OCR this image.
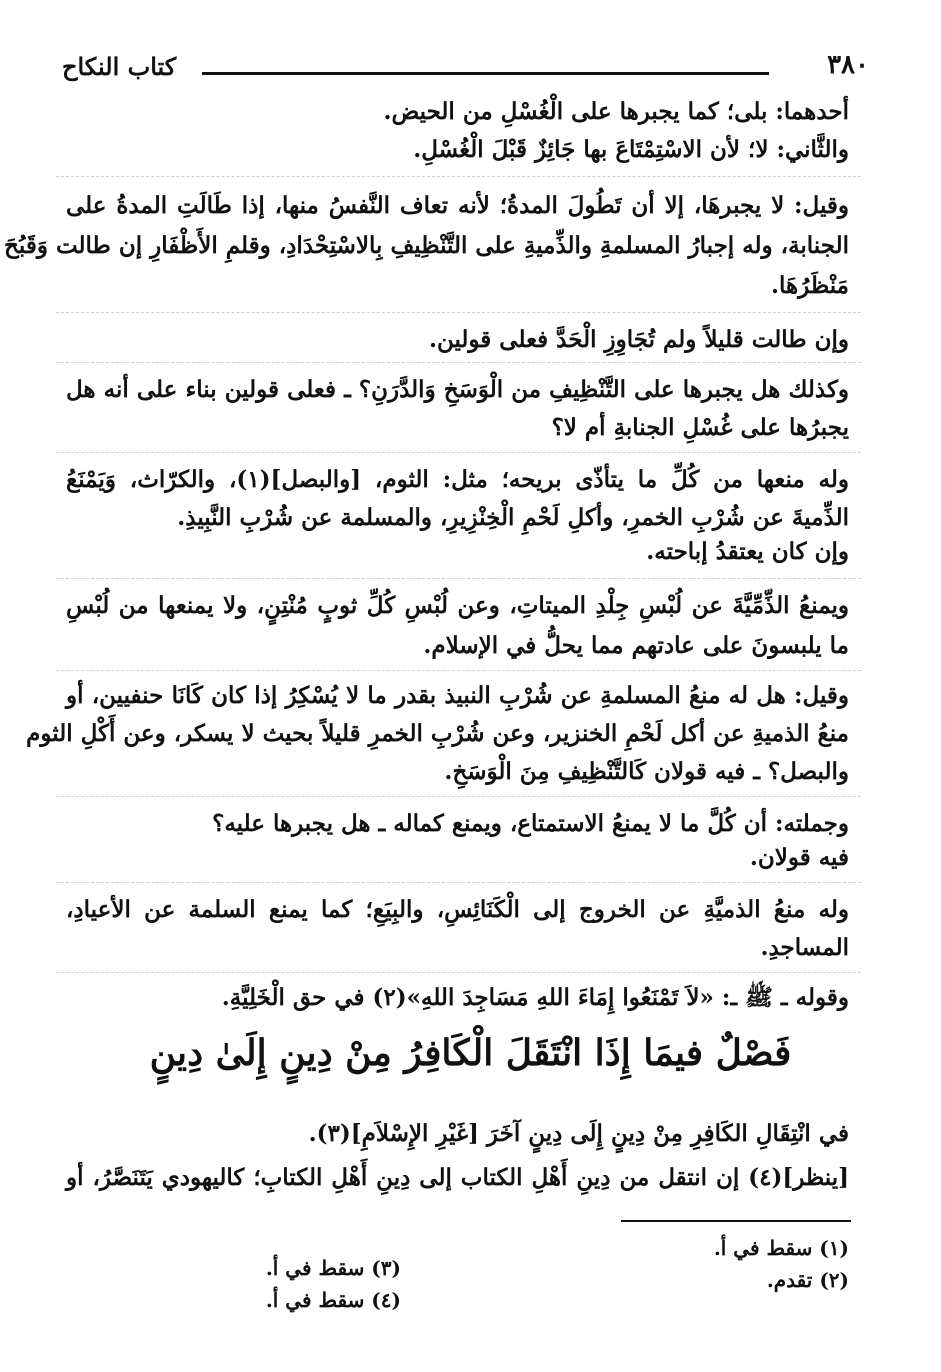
٣٨٠
كتاب النكاح
أحدهما: بلى؛ كما يجبرها على الْغُسْلِ من الحيض.
والثَّاني: لا؛ لأن الاسْتِمْتَاعَ بها جَائِزٌ قَبْلَ الْغُسْلِ.
وقيل: لا يجبرهَا، إلا أن تَطُولَ المدةُ؛ لأنه تعاف النَّفسُ منها، إذا طَالَتِ المدةُ على
الجنابة، وله إجبارُ المسلمةِ والذِّميةِ على التَّنْظِيفِ بِالاسْتِحْدَادِ، وقلمِ الأَظْفَارِ إن طالت وَقَبُحَ
مَنْظَرُهَا.
وإن طالت قليلاً ولم تُجَاوِزِ الْحَدَّ فعلى قولين.
وكذلك هل يجبرها على التَّنْظِيفِ من الْوَسَخِ وَالدَّرَنِ؟ ـ فعلى قولين بناء على أنه هل
يجبرُها على غُسْلِ الجنابةِ أم لا؟
وله منعها من كُلِّ ما يتأذّى بريحه؛ مثل: الثوم، [والبصل](١)، والكرّاث، وَيَمْنَعُ
الذِّميةَ عن شُرْبِ الخمرِ، وأكلِ لَحْمِ الْخِنْزِيرِ، والمسلمة عن شُرْبِ النَّبِيذِ.
وإن كان يعتقدُ إباحته.
ويمنعُ الذِّمِّيَّةَ عن لُبْسِ جِلْدِ الميتاتِ، وعن لُبْسِ كُلِّ ثوبٍ مُنْتِنٍ، ولا يمنعها من لُبْسِ
ما يلبسونَ على عادتهم مما يحلُّ في الإسلام.
وقيل: هل له منعُ المسلمةِ عن شُرْبِ النبيذ بقدر ما لا يُسْكِرُ إذا كان كَانَا حنفيين، أو
منعُ الذميةِ عن أكل لَحْمِ الخنزير، وعن شُرْبِ الخمرِ قليلاً بحيث لا يسكر، وعن أَكْلِ الثوم
والبصل؟ ـ فيه قولان كَالتَّنْظِيفِ مِنَ الْوَسَخِ.
وجملته: أن كُلَّ ما لا يمنعُ الاستمتاع، ويمنع كماله ـ هل يجبرها عليه؟
فيه قولان.
وله منعُ الذميَّةِ عن الخروج إلى الْكَنَائِسِ، والبِيَعِ؛ كما يمنع السلمة عن الأعيادِ،
المساجدِ.
وقوله ـ ﷺ ـ: «لاَ تَمْنَعُوا إِمَاءَ اللهِ مَسَاجِدَ اللهِ»(٢) في حق الْخَلِيَّةِ.
في انْتِقَالِ الكَافِرِ مِنْ دِينٍ إِلَى دِينٍ آخَرَ [غَيْرِ الإِسْلاَمِ](٣).
[ينظر](٤) إن انتقل من دِينِ أَهْلِ الكتاب إلى دِينِ أَهْلِ الكتابِ؛ كاليهودي يَتَنَصَّرُ، أو
فَصْلٌ فيمَا إِذَا انْتَقَلَ الْكَافِرُ مِنْ دِينٍ إِلَىٰ دِينٍ
(١) سقط في أ.
(٢) تقدم.
(٣) سقط في أ.
(٤) سقط في أ.
